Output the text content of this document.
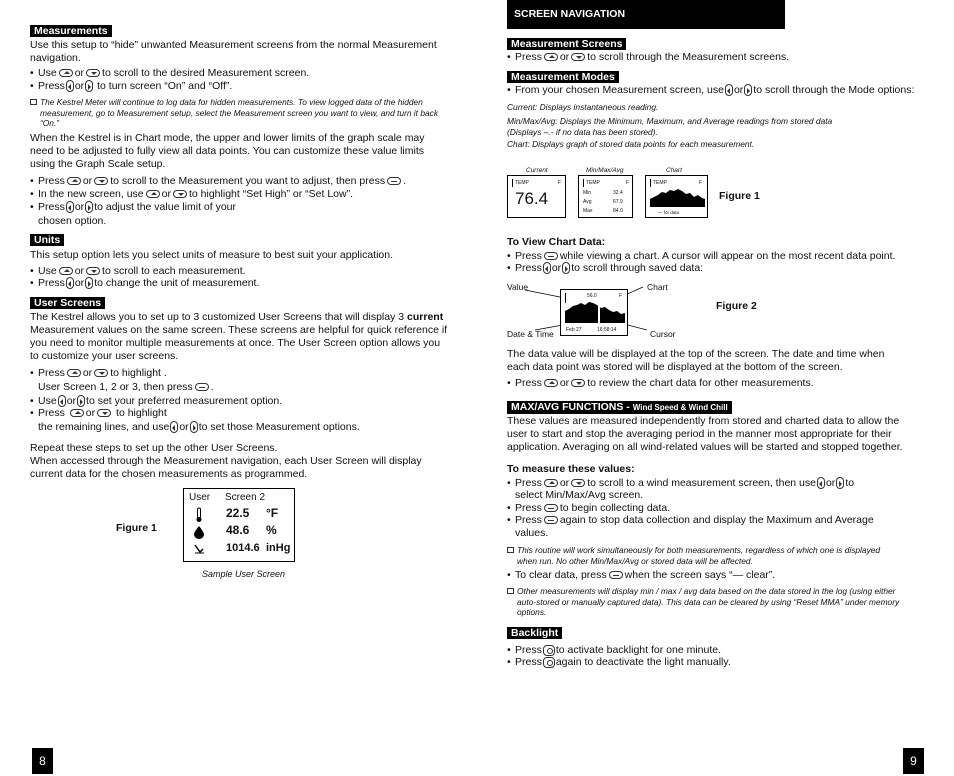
Measurements
Use this setup to “hide” unwanted Measurement screens from the normal Measurement navigation.
• Use or to scroll to the desired Measurement screen.
• Press or to turn screen “On” and “Off”.
The Kestrel Meter will continue to log data for hidden measurements. To view logged data of the hidden measurement, go to Measurement setup, select the Measurement screen you want to view, and turn it back “On.”
When the Kestrel is in Chart mode, the upper and lower limits of the graph scale may need to be adjusted to fully view all data points. You can customize these value limits using the Graph Scale setup.
• Press or to scroll to the Measurement you want to adjust, then press .
• In the new screen, use or to highlight “Set High” or “Set Low”.
• Press or to adjust the value limit of your
chosen option.
Units
This setup option lets you select units of measure to best suit your application.
• Use or to scroll to each measurement.
• Press or to change the unit of measurement.
User Screens
The Kestrel allows you to set up to 3 customized User Screens that will display 3 current Measurement values on the same screen. These screens are helpful for quick reference if you need to monitor multiple measurements at once. The User Screen option allows you to customize your user screens.
• Press or to highlight .
User Screen 1, 2 or 3, then press .
• Use or to set your preferred measurement option.
• Press or to highlight
the remaining lines, and use or to set those Measurement options.
Repeat these steps to set up the other User Screens.
When accessed through the Measurement navigation, each User Screen will display current data for the chosen measurements as programmed.
Figure 1
User Screen 2
22.5 °F
48.6 %
1014.6 inHg
Sample User Screen
8
SCREEN NAVIGATION
Measurement Screens
• Press or to scroll through the Measurement screens.
Measurement Modes
• From your chosen Measurement screen, use or to scroll through the Mode options:
Current: Displays instantaneous reading.
Min/Max/Avg: Displays the Minimum, Maximum, and Average readings from stored data (Displays –.- if no data has been stored).
Chart: Displays graph of stored data points for each measurement.
Current	Min/Max/Avg	Chart
TEMP	F
76.4
TEMP	F
Min	32.4
Avg	67.9
Max	84.0
TEMP	F
— for data
Figure 1
To View Chart Data:
• Press while viewing a chart. A cursor will appear on the most recent data point.
• Press or to scroll through saved data:
Value	Chart
Date & Time	Cursor
56.0	F
Feb 27	16:58:14
Figure 2
The data value will be displayed at the top of the screen. The date and time when each data point was stored will be displayed at the bottom of the screen.
• Press or to review the chart data for other measurements.
MAX/AVG FUNCTIONS - Wind Speed & Wind Chill
These values are measured independently from stored and charted data to allow the user to start and stop the averaging period in the manner most appropriate for their application. Averaging on all wind-related values will be started and stopped together.
To measure these values:
• Press or to scroll to a wind measurement screen, then use or to
select Min/Max/Avg screen.
• Press to begin collecting data.
• Press again to stop data collection and display the Maximum and Average
values.
This routine will work simultaneously for both measurements, regardless of which one is displayed when run. No other Min/Max/Avg or stored data will be affected.
• To clear data, press when the screen says “— clear”.
Other measurements will display min / max / avg data based on the data stored in the log (using either auto-stored or manually captured data). This data can be cleared by using “Reset MMA” under memory options.
Backlight
• Press to activate backlight for one minute.
• Press again to deactivate the light manually.
9
